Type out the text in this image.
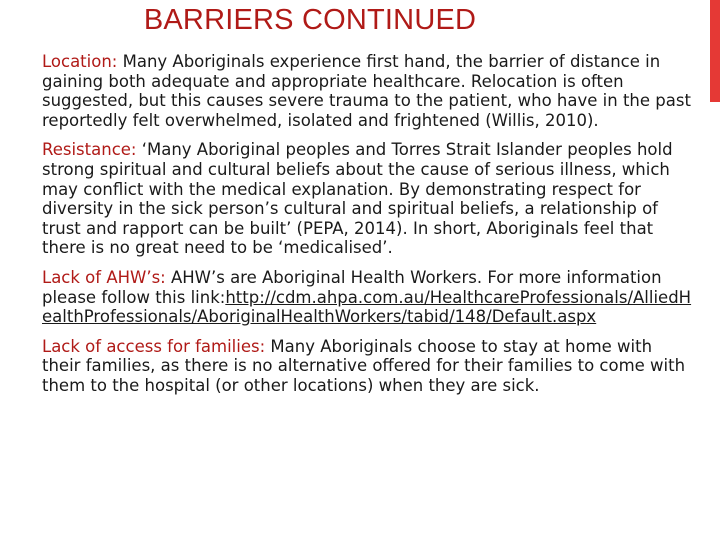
BARRIERS CONTINUED

Location: Many Aboriginals experience first hand, the barrier of distance in gaining both adequate and appropriate healthcare. Relocation is often suggested, but this causes severe trauma to the patient, who have in the past reportedly felt overwhelmed, isolated and frightened (Willis, 2010).

Resistance: ‘Many Aboriginal peoples and Torres Strait Islander peoples hold strong spiritual and cultural beliefs about the cause of serious illness, which may conflict with the medical explanation. By demonstrating respect for diversity in the sick person’s cultural and spiritual beliefs, a relationship of trust and rapport can be built’ (PEPA, 2014). In short, Aboriginals feel that there is no great need to be ‘medicalised’.

Lack of AHW’s: AHW’s are Aboriginal Health Workers. For more information please follow this link:http://cdm.ahpa.com.au/HealthcareProfessionals/AlliedHealthProfessionals/AboriginalHealthWorkers/tabid/148/Default.aspx

Lack of access for families: Many Aboriginals choose to stay at home with their families, as there is no alternative offered for their families to come with them to the hospital (or other locations) when they are sick.
